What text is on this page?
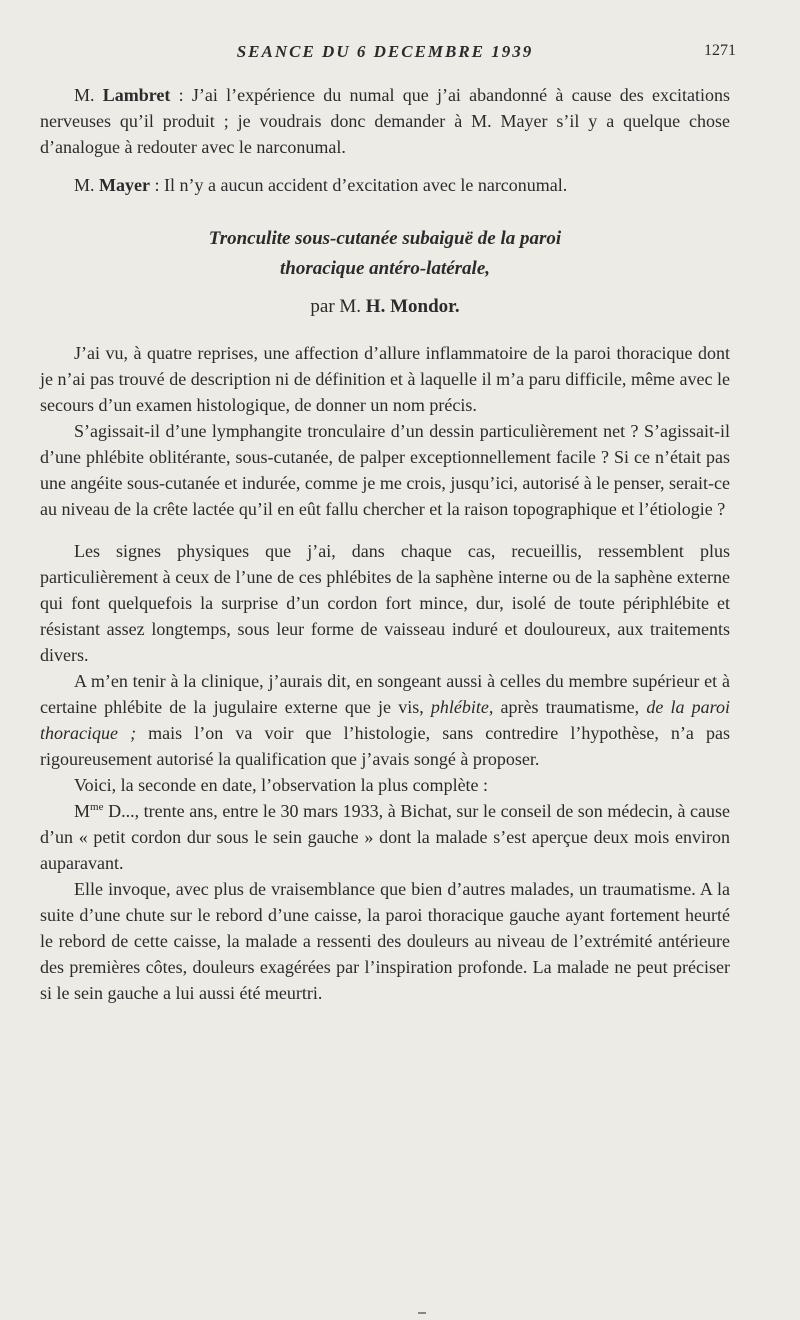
SEANCE DU 6 DECEMBRE 1939	1271

M. Lambret : J’ai l’expérience du numal que j’ai abandonné à cause des excitations nerveuses qu’il produit ; je voudrais donc demander à M. Mayer s’il y a quelque chose d’analogue à redouter avec le narconumal.

M. Mayer : Il n’y a aucun accident d’excitation avec le narconumal.

Tronculite sous-cutanée subaiguë de la paroi
thoracique antéro-latérale,
par M. H. Mondor.

J’ai vu, à quatre reprises, une affection d’allure inflammatoire de la paroi thoracique dont je n’ai pas trouvé de description ni de définition et à laquelle il m’a paru difficile, même avec le secours d’un examen histologique, de donner un nom précis.

S’agissait-il d’une lymphangite tronculaire d’un dessin particulièrement net ? S’agissait-il d’une phlébite oblitérante, sous-cutanée, de palper exceptionnellement facile ? Si ce n’était pas une angéite sous-cutanée et indurée, comme je me crois, jusqu’ici, autorisé à le penser, serait-ce au niveau de la crête lactée qu’il en eût fallu chercher et la raison topographique et l’étiologie ?

Les signes physiques que j’ai, dans chaque cas, recueillis, ressemblent plus particulièrement à ceux de l’une de ces phlébites de la saphène interne ou de la saphène externe qui font quelquefois la surprise d’un cordon fort mince, dur, isolé de toute périphlébite et résistant assez longtemps, sous leur forme de vaisseau induré et douloureux, aux traitements divers.

A m’en tenir à la clinique, j’aurais dit, en songeant aussi à celles du membre supérieur et à certaine phlébite de la jugulaire externe que je vis, phlébite, après traumatisme, de la paroi thoracique ; mais l’on va voir que l’histologie, sans contredire l’hypothèse, n’a pas rigoureusement autorisé la qualification que j’avais songé à proposer.

Voici, la seconde en date, l’observation la plus complète :

$M^{me}$ D..., trente ans, entre le 30 mars 1933, à Bichat, sur le conseil de son médecin, à cause d’un « petit cordon dur sous le sein gauche » dont la malade s’est aperçue deux mois environ auparavant.

Elle invoque, avec plus de vraisemblance que bien d’autres malades, un traumatisme. A la suite d’une chute sur le rebord d’une caisse, la paroi thoracique gauche ayant fortement heurté le rebord de cette caisse, la malade a ressenti des douleurs au niveau de l’extrémité antérieure des premières côtes, douleurs exagérées par l’inspiration profonde. La malade ne peut préciser si le sein gauche a lui aussi été meurtri.
